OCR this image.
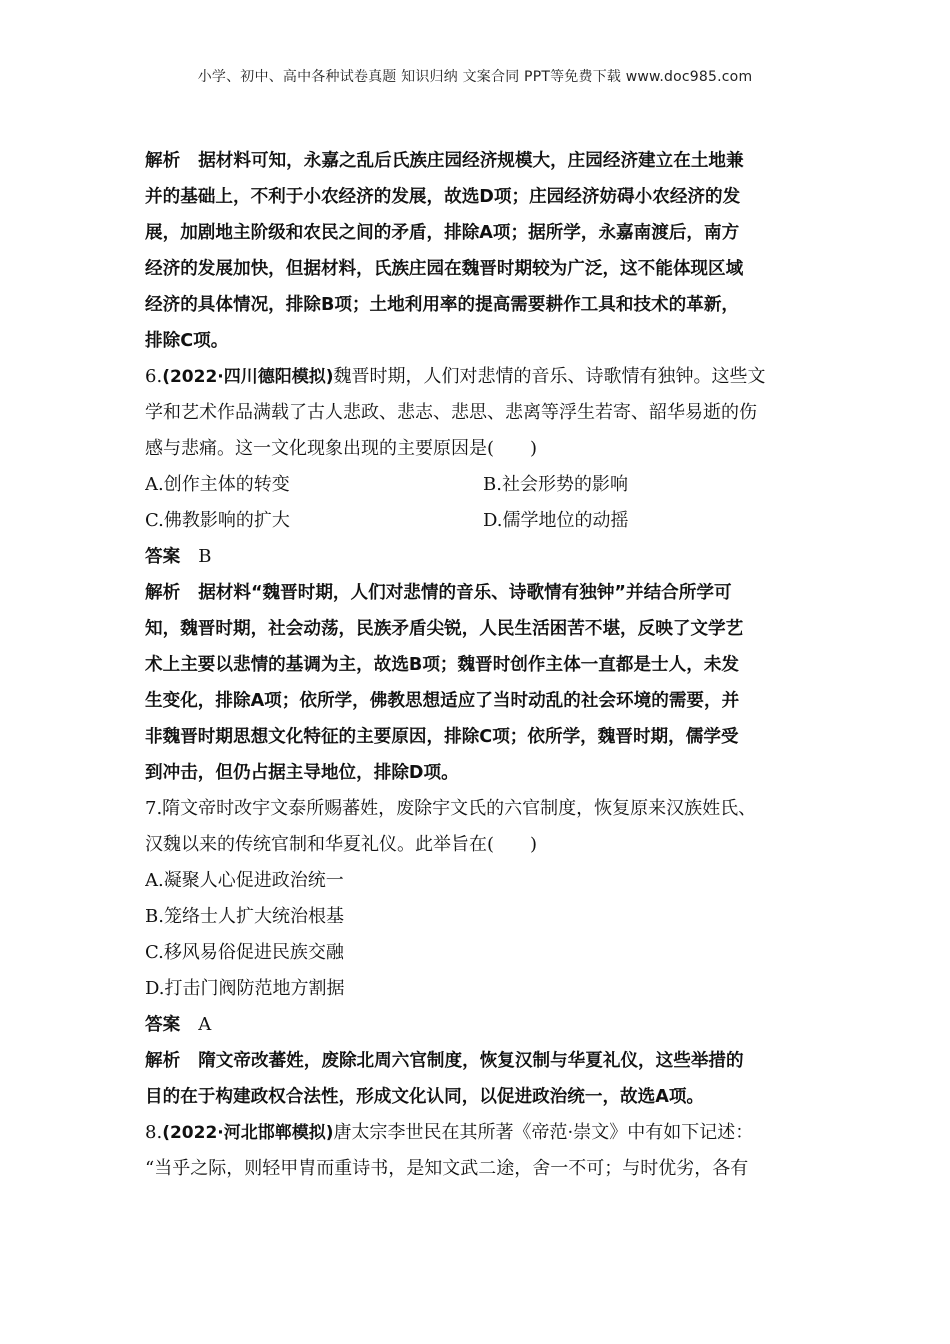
小学、初中、高中各种试卷真题 知识归纳 文案合同 PPT等免费下载 www.doc985.com
解析 据材料可知，永嘉之乱后氏族庄园经济规模大，庄园经济建立在土地兼
并的基础上，不利于小农经济的发展，故选D项；庄园经济妨碍小农经济的发
展，加剧地主阶级和农民之间的矛盾，排除A项；据所学，永嘉南渡后，南方
经济的发展加快，但据材料，氏族庄园在魏晋时期较为广泛，这不能体现区域
经济的具体情况，排除B项；土地利用率的提高需要耕作工具和技术的革新，
排除C项。
6.(2022·四川德阳模拟)魏晋时期，人们对悲情的音乐、诗歌情有独钟。这些文
学和艺术作品满载了古人悲政、悲志、悲思、悲离等浮生若寄、韶华易逝的伤
感与悲痛。这一文化现象出现的主要原因是(　　)
A.创作主体的转变	B.社会形势的影响
C.佛教影响的扩大	D.儒学地位的动摇
答案 B
解析 据材料“魏晋时期，人们对悲情的音乐、诗歌情有独钟”并结合所学可
知，魏晋时期，社会动荡，民族矛盾尖锐，人民生活困苦不堪，反映了文学艺
术上主要以悲情的基调为主，故选B项；魏晋时创作主体一直都是士人，未发
生变化，排除A项；依所学，佛教思想适应了当时动乱的社会环境的需要，并
非魏晋时期思想文化特征的主要原因，排除C项；依所学，魏晋时期，儒学受
到冲击，但仍占据主导地位，排除D项。
7.隋文帝时改宇文泰所赐蕃姓，废除宇文氏的六官制度，恢复原来汉族姓氏、
汉魏以来的传统官制和华夏礼仪。此举旨在(　　)
A.凝聚人心促进政治统一
B.笼络士人扩大统治根基
C.移风易俗促进民族交融
D.打击门阀防范地方割据
答案 A
解析 隋文帝改蕃姓，废除北周六官制度，恢复汉制与华夏礼仪，这些举措的
目的在于构建政权合法性，形成文化认同，以促进政治统一，故选A项。
8.(2022·河北邯郸模拟)唐太宗李世民在其所著《帝范·崇文》中有如下记述：
“当乎之际，则轻甲胄而重诗书，是知文武二途，舍一不可；与时优劣，各有
